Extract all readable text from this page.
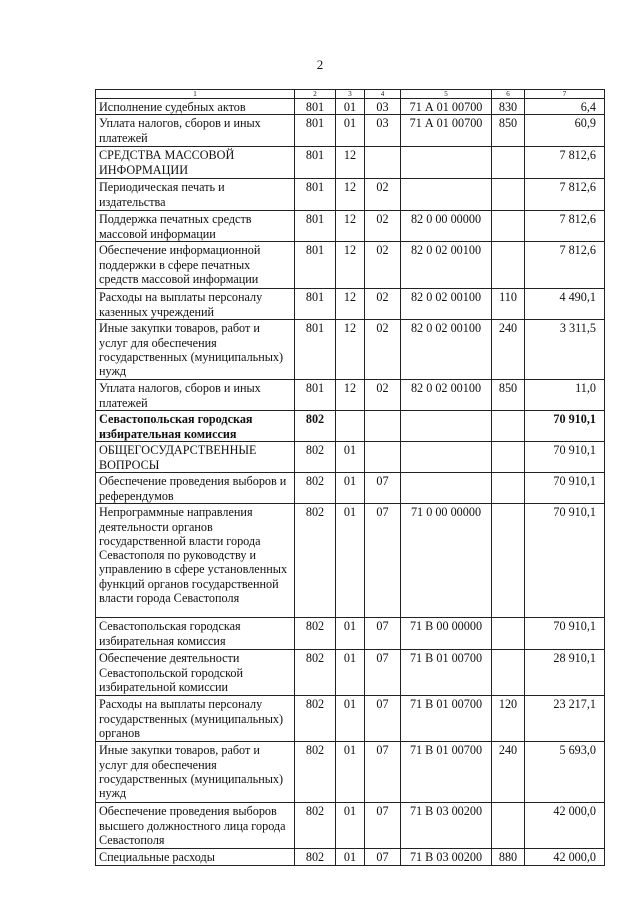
2
1	2	3	4	5	6	7
Исполнение судебных актов	801	01	03	71 А 01 00700	830	6,4
Уплата налогов, сборов и иных платежей	801	01	03	71 А 01 00700	850	60,9
СРЕДСТВА МАССОВОЙ ИНФОРМАЦИИ	801	12				7 812,6
Периодическая печать и издательства	801	12	02			7 812,6
Поддержка печатных средств массовой информации	801	12	02	82 0 00 00000		7 812,6
Обеспечение информационной поддержки в сфере печатных средств массовой информации	801	12	02	82 0 02 00100		7 812,6
Расходы на выплаты персоналу казенных учреждений	801	12	02	82 0 02 00100	110	4 490,1
Иные закупки товаров, работ и услуг для обеспечения государственных (муниципальных) нужд	801	12	02	82 0 02 00100	240	3 311,5
Уплата налогов, сборов и иных платежей	801	12	02	82 0 02 00100	850	11,0
Севастопольская городская избирательная комиссия	802					70 910,1
ОБЩЕГОСУДАРСТВЕННЫЕ ВОПРОСЫ	802	01				70 910,1
Обеспечение проведения выборов и референдумов	802	01	07			70 910,1
Непрограммные направления деятельности органов государственной власти города Севастополя по руководству и управлению в сфере установленных функций органов государственной власти города Севастополя	802	01	07	71 0 00 00000		70 910,1
Севастопольская городская избирательная комиссия	802	01	07	71 В 00 00000		70 910,1
Обеспечение деятельности Севастопольской городской избирательной комиссии	802	01	07	71 В 01 00700		28 910,1
Расходы на выплаты персоналу государственных (муниципальных) органов	802	01	07	71 В 01 00700	120	23 217,1
Иные закупки товаров, работ и услуг для обеспечения государственных (муниципальных) нужд	802	01	07	71 В 01 00700	240	5 693,0
Обеспечение проведения выборов высшего должностного лица города Севастополя	802	01	07	71 В 03 00200		42 000,0
Специальные расходы	802	01	07	71 В 03 00200	880	42 000,0
